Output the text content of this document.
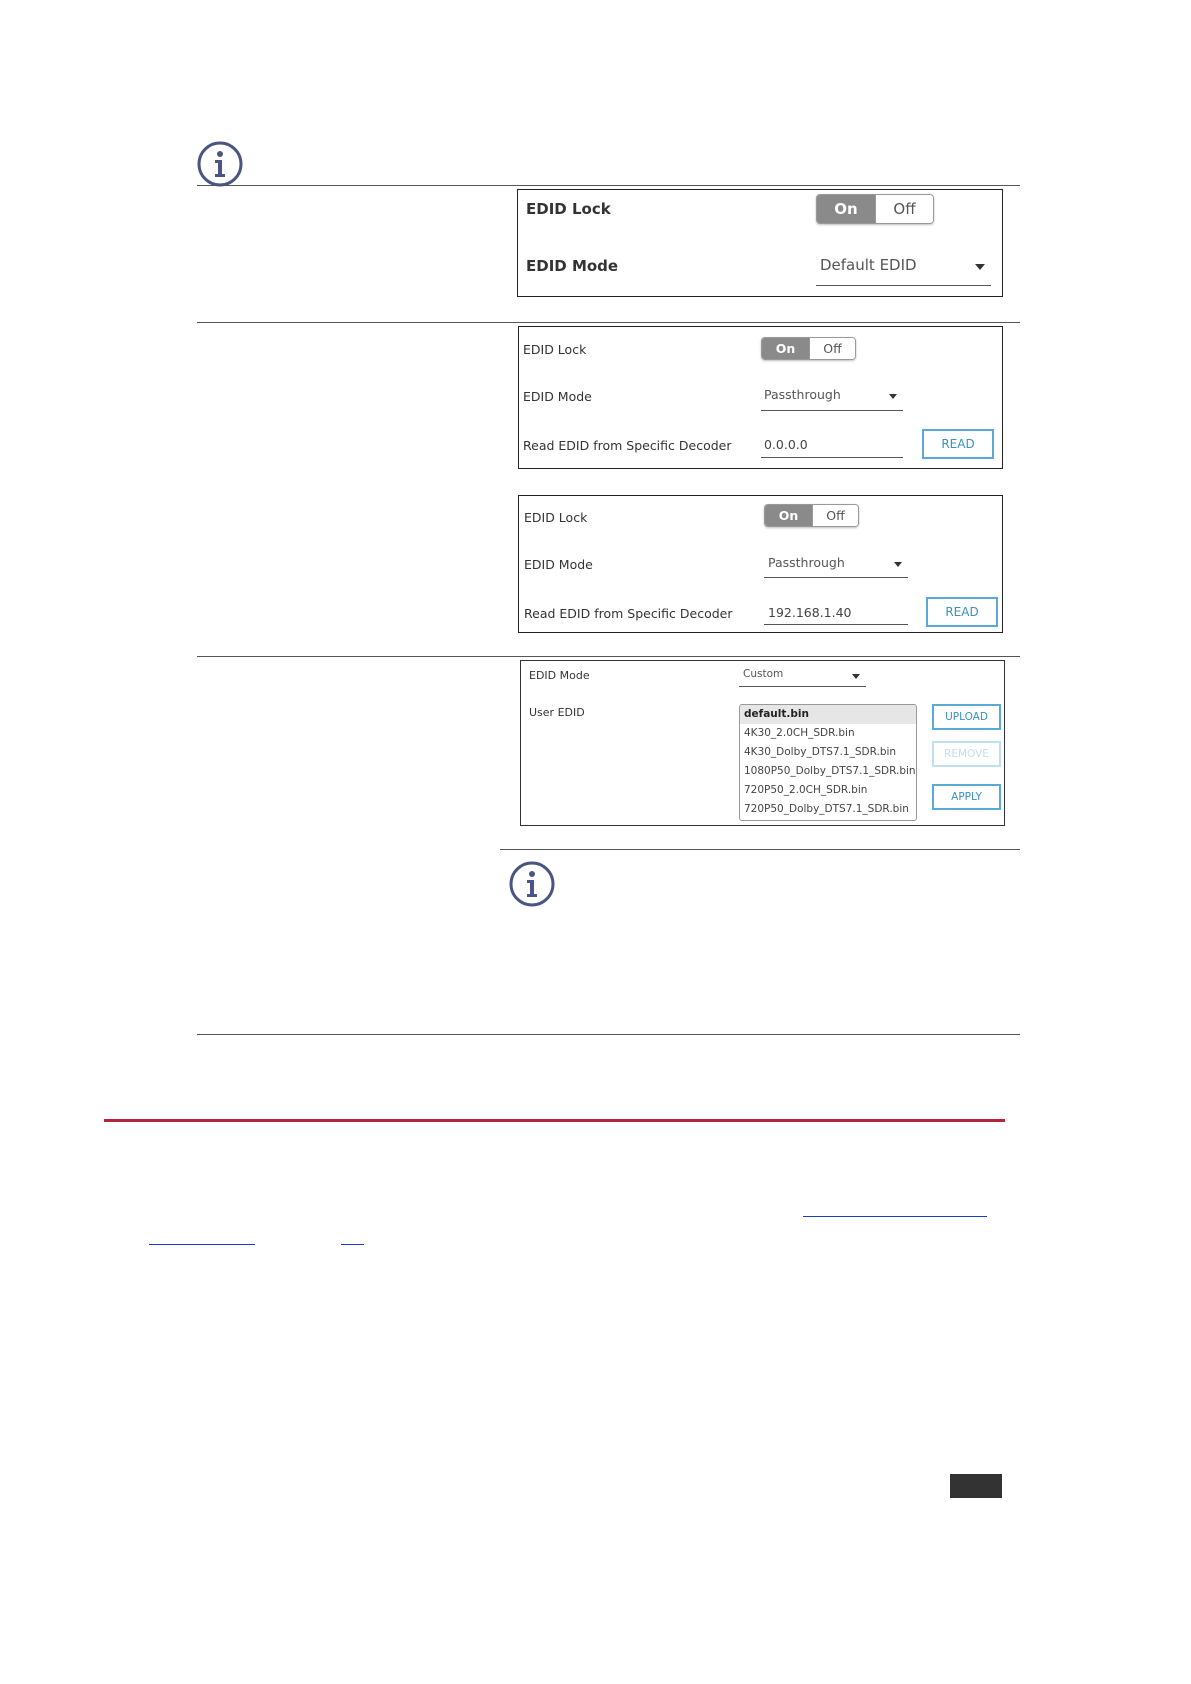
EDID Lock	On	Off
EDID Mode	Default EDID
EDID Lock	On	Off
EDID Mode	Passthrough
Read EDID from Specific Decoder	0.0.0.0	READ
EDID Lock	On	Off
EDID Mode	Passthrough
Read EDID from Specific Decoder	192.168.1.40	READ
EDID Mode	Custom
User EDID	default.bin
4K30_2.0CH_SDR.bin
4K30_Dolby_DTS7.1_SDR.bin
1080P50_Dolby_DTS7.1_SDR.bin
720P50_2.0CH_SDR.bin
720P50_Dolby_DTS7.1_SDR.bin
UPLOAD
REMOVE
APPLY
